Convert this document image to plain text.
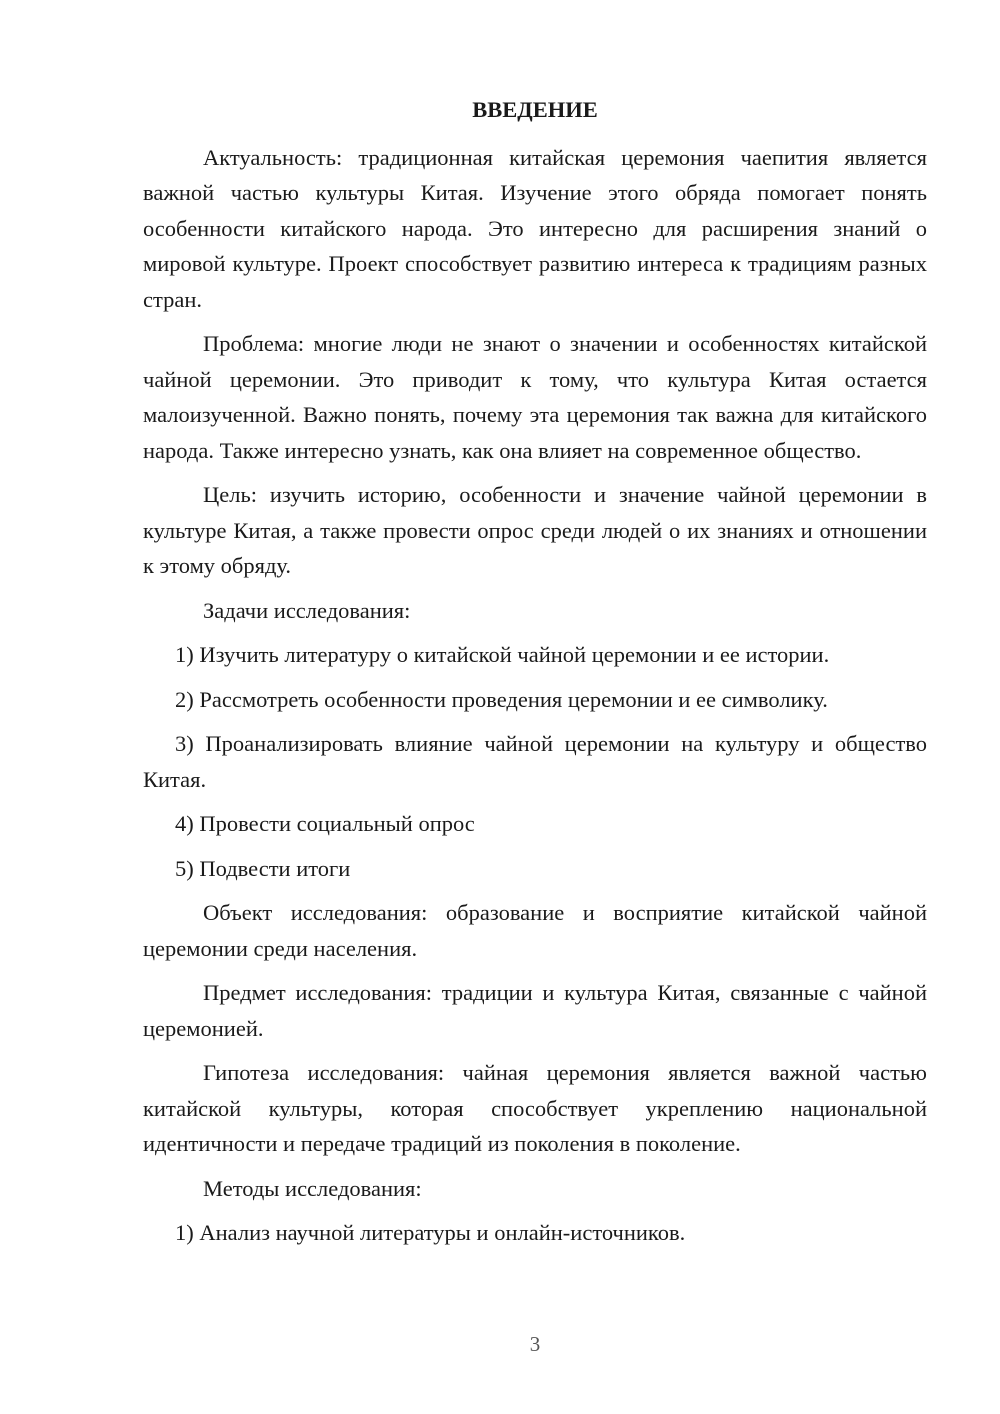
ВВЕДЕНИЕ

Актуальность: традиционная китайская церемония чаепития является важной частью культуры Китая. Изучение этого обряда помогает понять особенности китайского народа. Это интересно для расширения знаний о мировой культуре. Проект способствует развитию интереса к традициям разных стран.

Проблема: многие люди не знают о значении и особенностях китайской чайной церемонии. Это приводит к тому, что культура Китая остается малоизученной. Важно понять, почему эта церемония так важна для китайского народа. Также интересно узнать, как она влияет на современное общество.

Цель: изучить историю, особенности и значение чайной церемонии в культуре Китая, а также провести опрос среди людей о их знаниях и отношении к этому обряду.

Задачи исследования:

1) Изучить литературу о китайской чайной церемонии и ее истории.

2) Рассмотреть особенности проведения церемонии и ее символику.

3) Проанализировать влияние чайной церемонии на культуру и общество Китая.

4) Провести социальный опрос

5) Подвести итоги

Объект исследования: образование и восприятие китайской чайной церемонии среди населения.

Предмет исследования: традиции и культура Китая, связанные с чайной церемонией.

Гипотеза исследования: чайная церемония является важной частью китайской культуры, которая способствует укреплению национальной идентичности и передаче традиций из поколения в поколение.

Методы исследования:

1) Анализ научной литературы и онлайн-источников.

3
